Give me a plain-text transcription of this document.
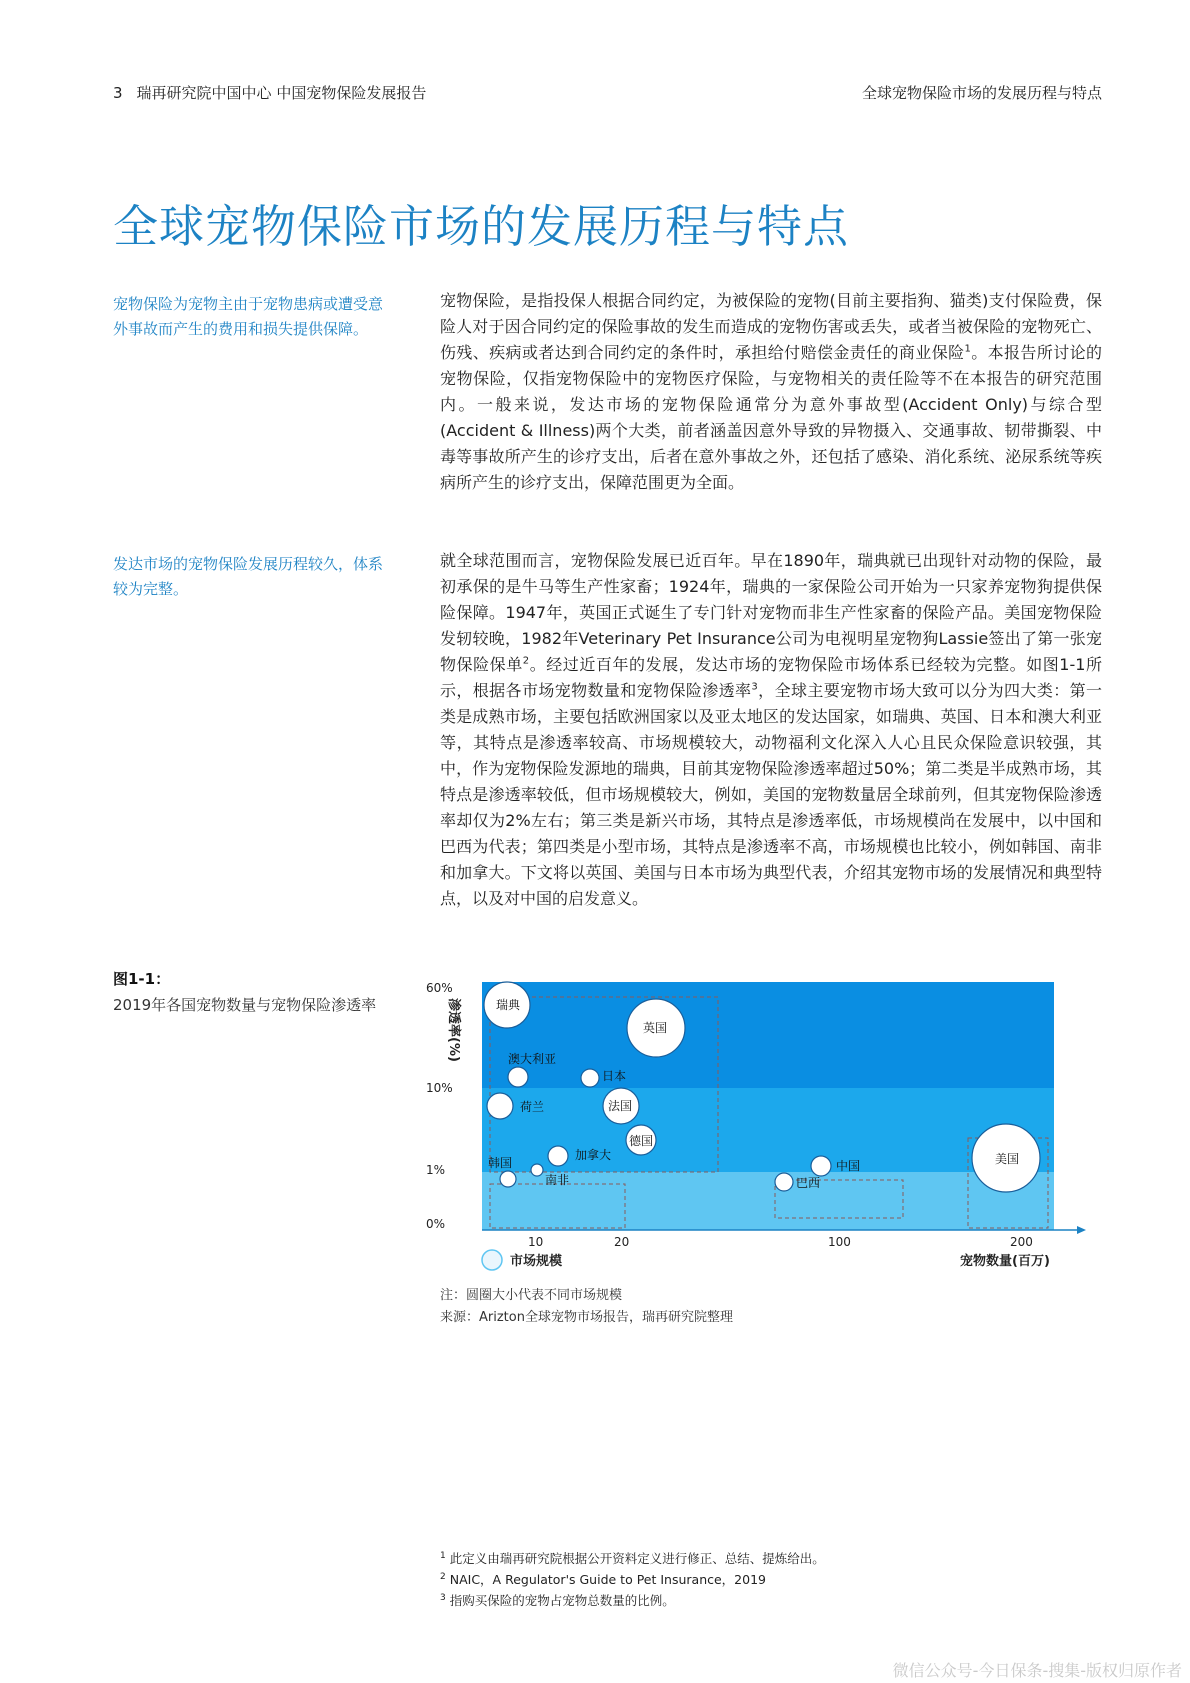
3 瑞再研究院中国中心 中国宠物保险发展报告	全球宠物保险市场的发展历程与特点
全球宠物保险市场的发展历程与特点
宠物保险为宠物主由于宠物患病或遭受意外事故而产生的费用和损失提供保障。
发达市场的宠物保险发展历程较久，体系较为完整。

宠物保险，是指投保人根据合同约定，为被保险的宠物(目前主要指狗、猫类)支付保险费，保险人对于因合同约定的保险事故的发生而造成的宠物伤害或丢失，或者当被保险的宠物死亡、伤残、疾病或者达到合同约定的条件时，承担给付赔偿金责任的商业保险$^1$。本报告所讨论的宠物保险，仅指宠物保险中的宠物医疗保险，与宠物相关的责任险等不在本报告的研究范围内。一般来说，发达市场的宠物保险通常分为意外事故型(Accident Only)与综合型(Accident & Illness)两个大类，前者涵盖因意外导致的异物摄入、交通事故、韧带撕裂、中毒等事故所产生的诊疗支出，后者在意外事故之外，还包括了感染、消化系统、泌尿系统等疾病所产生的诊疗支出，保障范围更为全面。

就全球范围而言，宠物保险发展已近百年。早在1890年，瑞典就已出现针对动物的保险，最初承保的是牛马等生产性家畜；1924年，瑞典的一家保险公司开始为一只家养宠物狗提供保险保障。1947年，英国正式诞生了专门针对宠物而非生产性家畜的保险产品。美国宠物保险发轫较晚，1982年Veterinary Pet Insurance公司为电视明星宠物狗Lassie签出了第一张宠物保险保单$^2$。经过近百年的发展，发达市场的宠物保险市场体系已经较为完整。如图1-1所示，根据各市场宠物数量和宠物保险渗透率$^3$，全球主要宠物市场大致可以分为四大类：第一类是成熟市场，主要包括欧洲国家以及亚太地区的发达国家，如瑞典、英国、日本和澳大利亚等，其特点是渗透率较高、市场规模较大，动物福利文化深入人心且民众保险意识较强，其中，作为宠物保险发源地的瑞典，目前其宠物保险渗透率超过50%；第二类是半成熟市场，其特点是渗透率较低，但市场规模较大，例如，美国的宠物数量居全球前列，但其宠物保险渗透率却仅为2%左右；第三类是新兴市场，其特点是渗透率低，市场规模尚在发展中，以中国和巴西为代表；第四类是小型市场，其特点是渗透率不高，市场规模也比较小，例如韩国、南非和加拿大。下文将以英国、美国与日本市场为典型代表，介绍其宠物市场的发展情况和典型特点，以及对中国的启发意义。

图1-1：
2019年各国宠物数量与宠物保险渗透率
60%
10%
1%
0%
渗透率(%)
10	20	100	200
市场规模	宠物数量(百万)
瑞典
英国
澳大利亚
日本
荷兰	法国
德国
加拿大
韩国
南非
中国
巴西
美国
注：圆圈大小代表不同市场规模
来源：Arizton全球宠物市场报告，瑞再研究院整理
$^1$ 此定义由瑞再研究院根据公开资料定义进行修正、总结、提炼给出。
$^2$ NAIC，A Regulator's Guide to Pet Insurance，2019
$^3$ 指购买保险的宠物占宠物总数量的比例。
微信公众号-今日保条-搜集-版权归原作者
